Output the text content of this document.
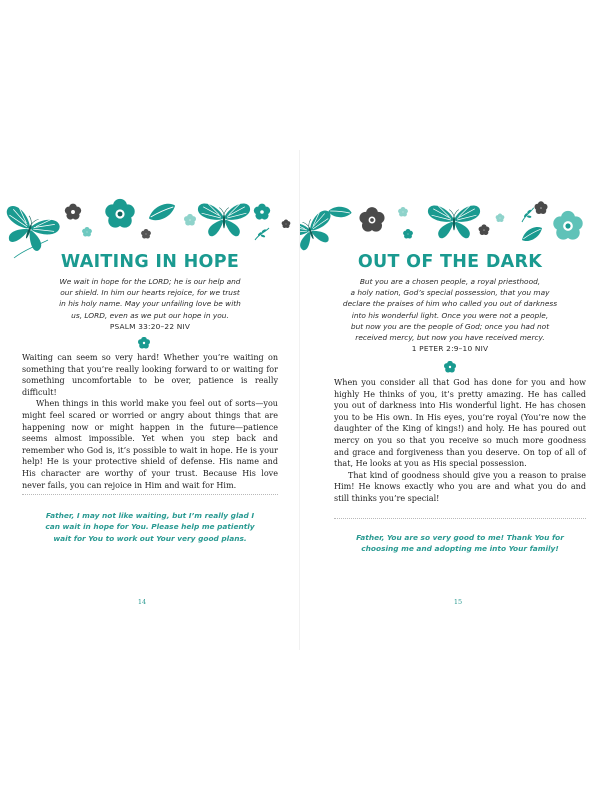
WAITING IN HOPE
We wait in hope for the LORD; he is our help and
our shield. In him our hearts rejoice, for we trust
in his holy name. May your unfailing love be with
us, LORD, even as we put our hope in you.
PSALM 33:20–22 NIV

Waiting can seem so very hard! Whether you’re waiting on something that you’re really looking forward to or waiting for something uncomfortable to be over, patience is really difficult!

When things in this world make you feel out of sorts—you might feel scared or worried or angry about things that are happening now or might happen in the future—patience seems almost impossible. Yet when you step back and remember who God is, it’s possible to wait in hope. He is your help! He is your protective shield of defense. His name and His character are worthy of your trust. Because His love never fails, you can rejoice in Him and wait for Him.

Father, I may not like waiting, but I’m really glad I
can wait in hope for You. Please help me patiently
wait for You to work out Your very good plans.
14
OUT OF THE DARK
But you are a chosen people, a royal priesthood,
a holy nation, God’s special possession, that you may
declare the praises of him who called you out of darkness
into his wonderful light. Once you were not a people,
but now you are the people of God; once you had not
received mercy, but now you have received mercy.
1 PETER 2:9–10 NIV

When you consider all that God has done for you and how highly He thinks of you, it’s pretty amazing. He has called you out of darkness into His wonderful light. He has chosen you to be His own. In His eyes, you’re royal (You’re now the daughter of the King of kings!) and holy. He has poured out mercy on you so that you receive so much more goodness and grace and forgiveness than you deserve. On top of all of that, He looks at you as His special possession.

That kind of goodness should give you a reason to praise Him! He knows exactly who you are and what you do and still thinks you’re special!

Father, You are so very good to me! Thank You for
choosing me and adopting me into Your family!
15
